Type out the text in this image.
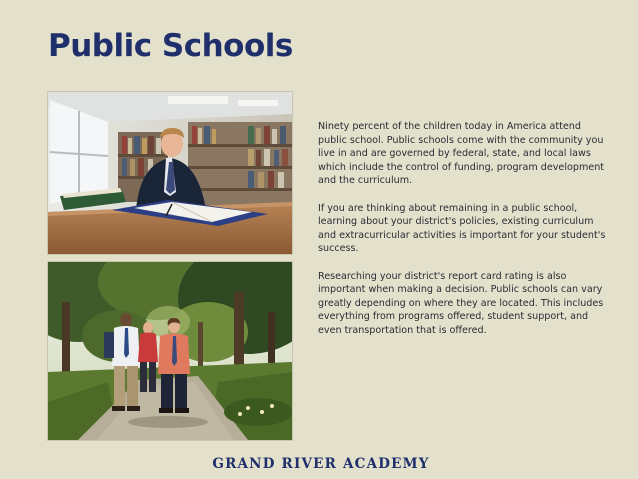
Public Schools

Ninety percent of the children today in America attend public school. Public schools come with the community you live in and are governed by federal, state, and local laws which include the control of funding, program development and the curriculum.

If you are thinking about remaining in a public school, learning about your district's policies, existing curriculum and extracurricular activities is important for your student's success.

Researching your district's report card rating is also important when making a decision. Public schools can vary greatly depending on where they are located. This includes everything from programs offered, student support, and even transportation that is offered.

GRAND RIVER ACADEMY
